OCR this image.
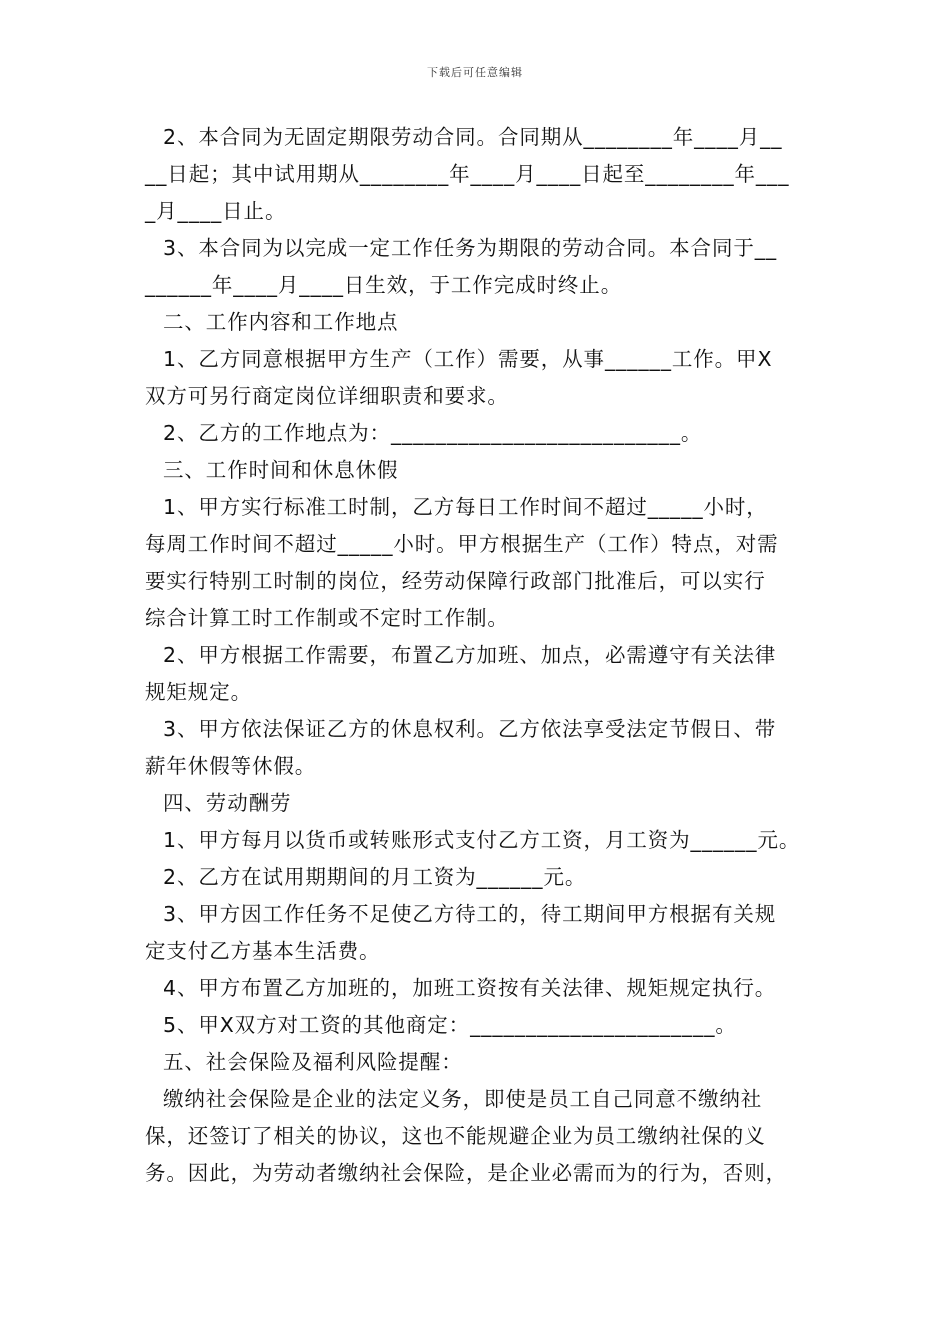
下载后可任意编辑
2、本合同为无固定期限劳动合同。合同期从________年____月__
__日起；其中试用期从________年____月____日起至________年___
_月____日止。
3、本合同为以完成一定工作任务为期限的劳动合同。本合同于__
______年____月____日生效，于工作完成时终止。
二、工作内容和工作地点
1、乙方同意根据甲方生产（工作）需要，从事______工作。甲X
双方可另行商定岗位详细职责和要求。
2、乙方的工作地点为：__________________________。
三、工作时间和休息休假
1、甲方实行标准工时制，乙方每日工作时间不超过_____小时，
每周工作时间不超过_____小时。甲方根据生产（工作）特点，对需
要实行特别工时制的岗位，经劳动保障行政部门批准后，可以实行
综合计算工时工作制或不定时工作制。
2、甲方根据工作需要，布置乙方加班、加点，必需遵守有关法律
规矩规定。
3、甲方依法保证乙方的休息权利。乙方依法享受法定节假日、带
薪年休假等休假。
四、劳动酬劳
1、甲方每月以货币或转账形式支付乙方工资，月工资为______元。
2、乙方在试用期期间的月工资为______元。
3、甲方因工作任务不足使乙方待工的，待工期间甲方根据有关规
定支付乙方基本生活费。
4、甲方布置乙方加班的，加班工资按有关法律、规矩规定执行。
5、甲X双方对工资的其他商定：______________________。
五、社会保险及福利风险提醒：
缴纳社会保险是企业的法定义务，即使是员工自己同意不缴纳社
保，还签订了相关的协议，这也不能规避企业为员工缴纳社保的义
务。因此，为劳动者缴纳社会保险，是企业必需而为的行为，否则，
